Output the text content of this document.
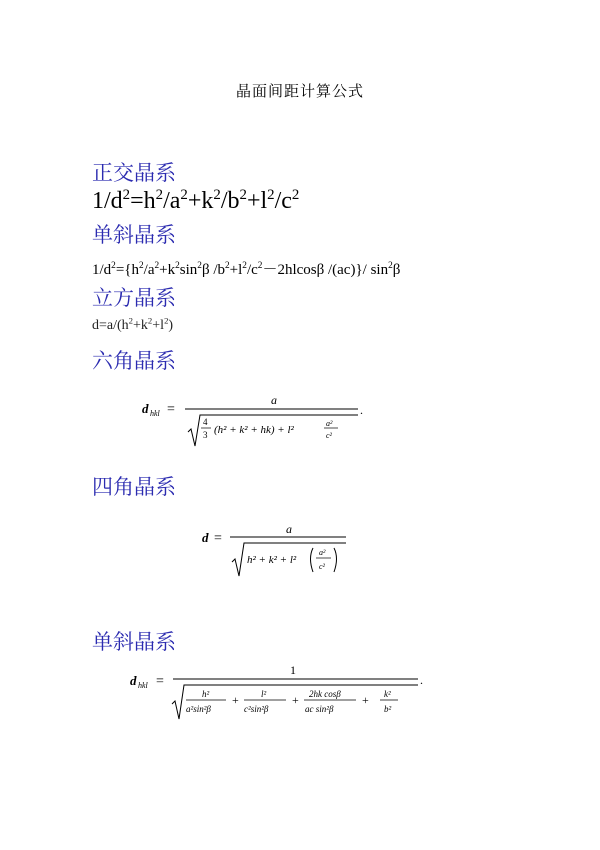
晶面间距计算公式
正交晶系
$1/d^2=h^2/a^2+k^2/b^2+l^2/c^2$
单斜晶系
$1/d^2=\{h^2/a^2+k^2\sin^2\beta$ $/b^2+l^2/c^2-2hlcos\beta$ /(ac)}/ $\sin^2\beta$
立方晶系
$d=a/(h^2+k^2+l^2)$
六角晶系
d hkl =
a
4
3 (h² + k² + hk) + l²
a²
c²
.
四角晶系
d =
a
h² + k² + l²
a²
c²
单斜晶系
d hkl =
1
h²
a²sin²β
+ l²
c²sin²β
+ 2hk cosβ
ac sin²β
+ k²
b²
.
